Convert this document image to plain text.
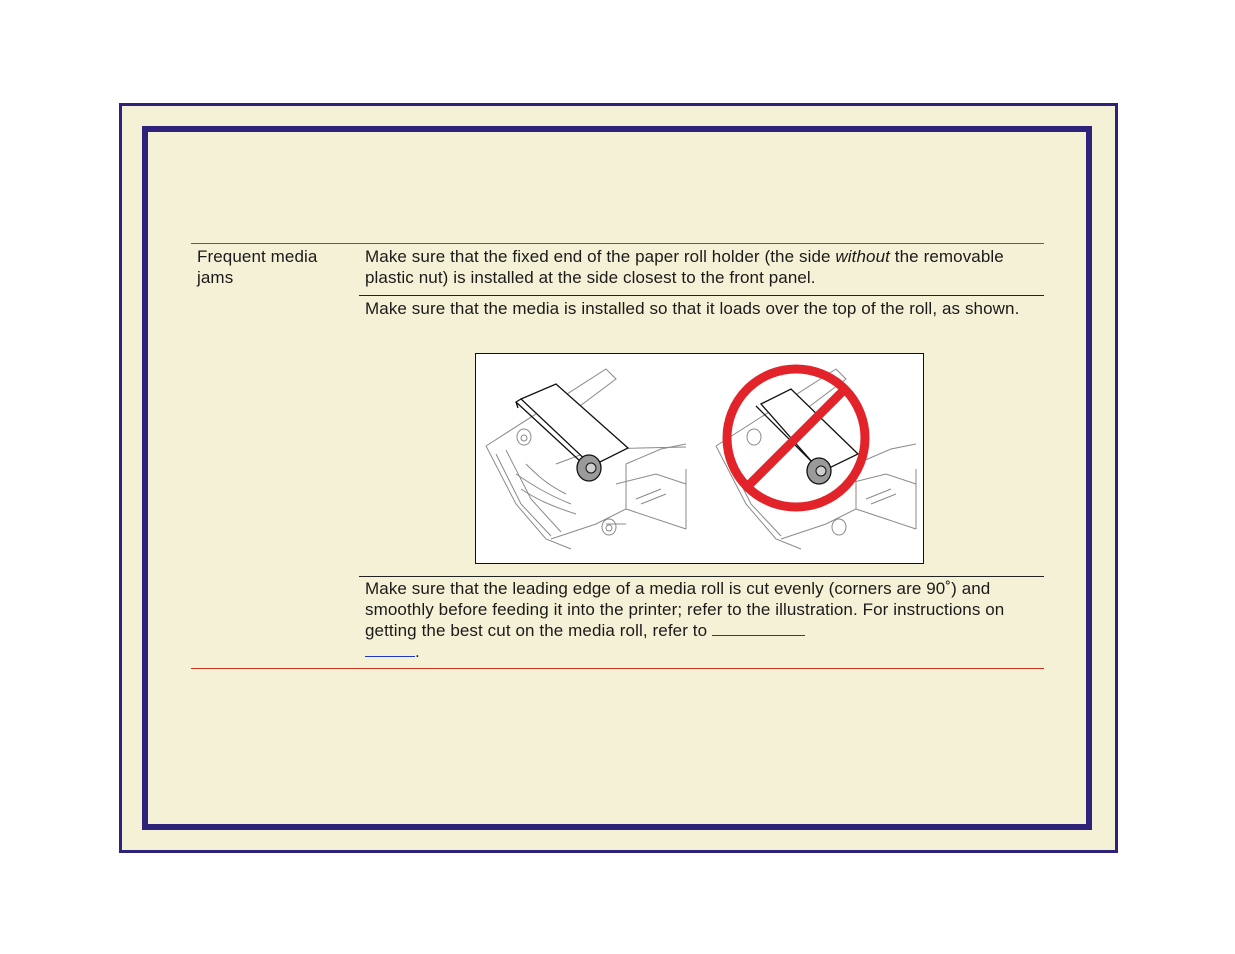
Frequent media jams
Make sure that the fixed end of the paper roll holder (the side without the removable plastic nut) is installed at the side closest to the front panel.
Make sure that the media is installed so that it loads over the top of the roll, as shown.
Make sure that the leading edge of a media roll is cut evenly (corners are 90˚) and smoothly before feeding it into the printer; refer to the illustration. For instructions on getting the best cut on the media roll, refer to
.
